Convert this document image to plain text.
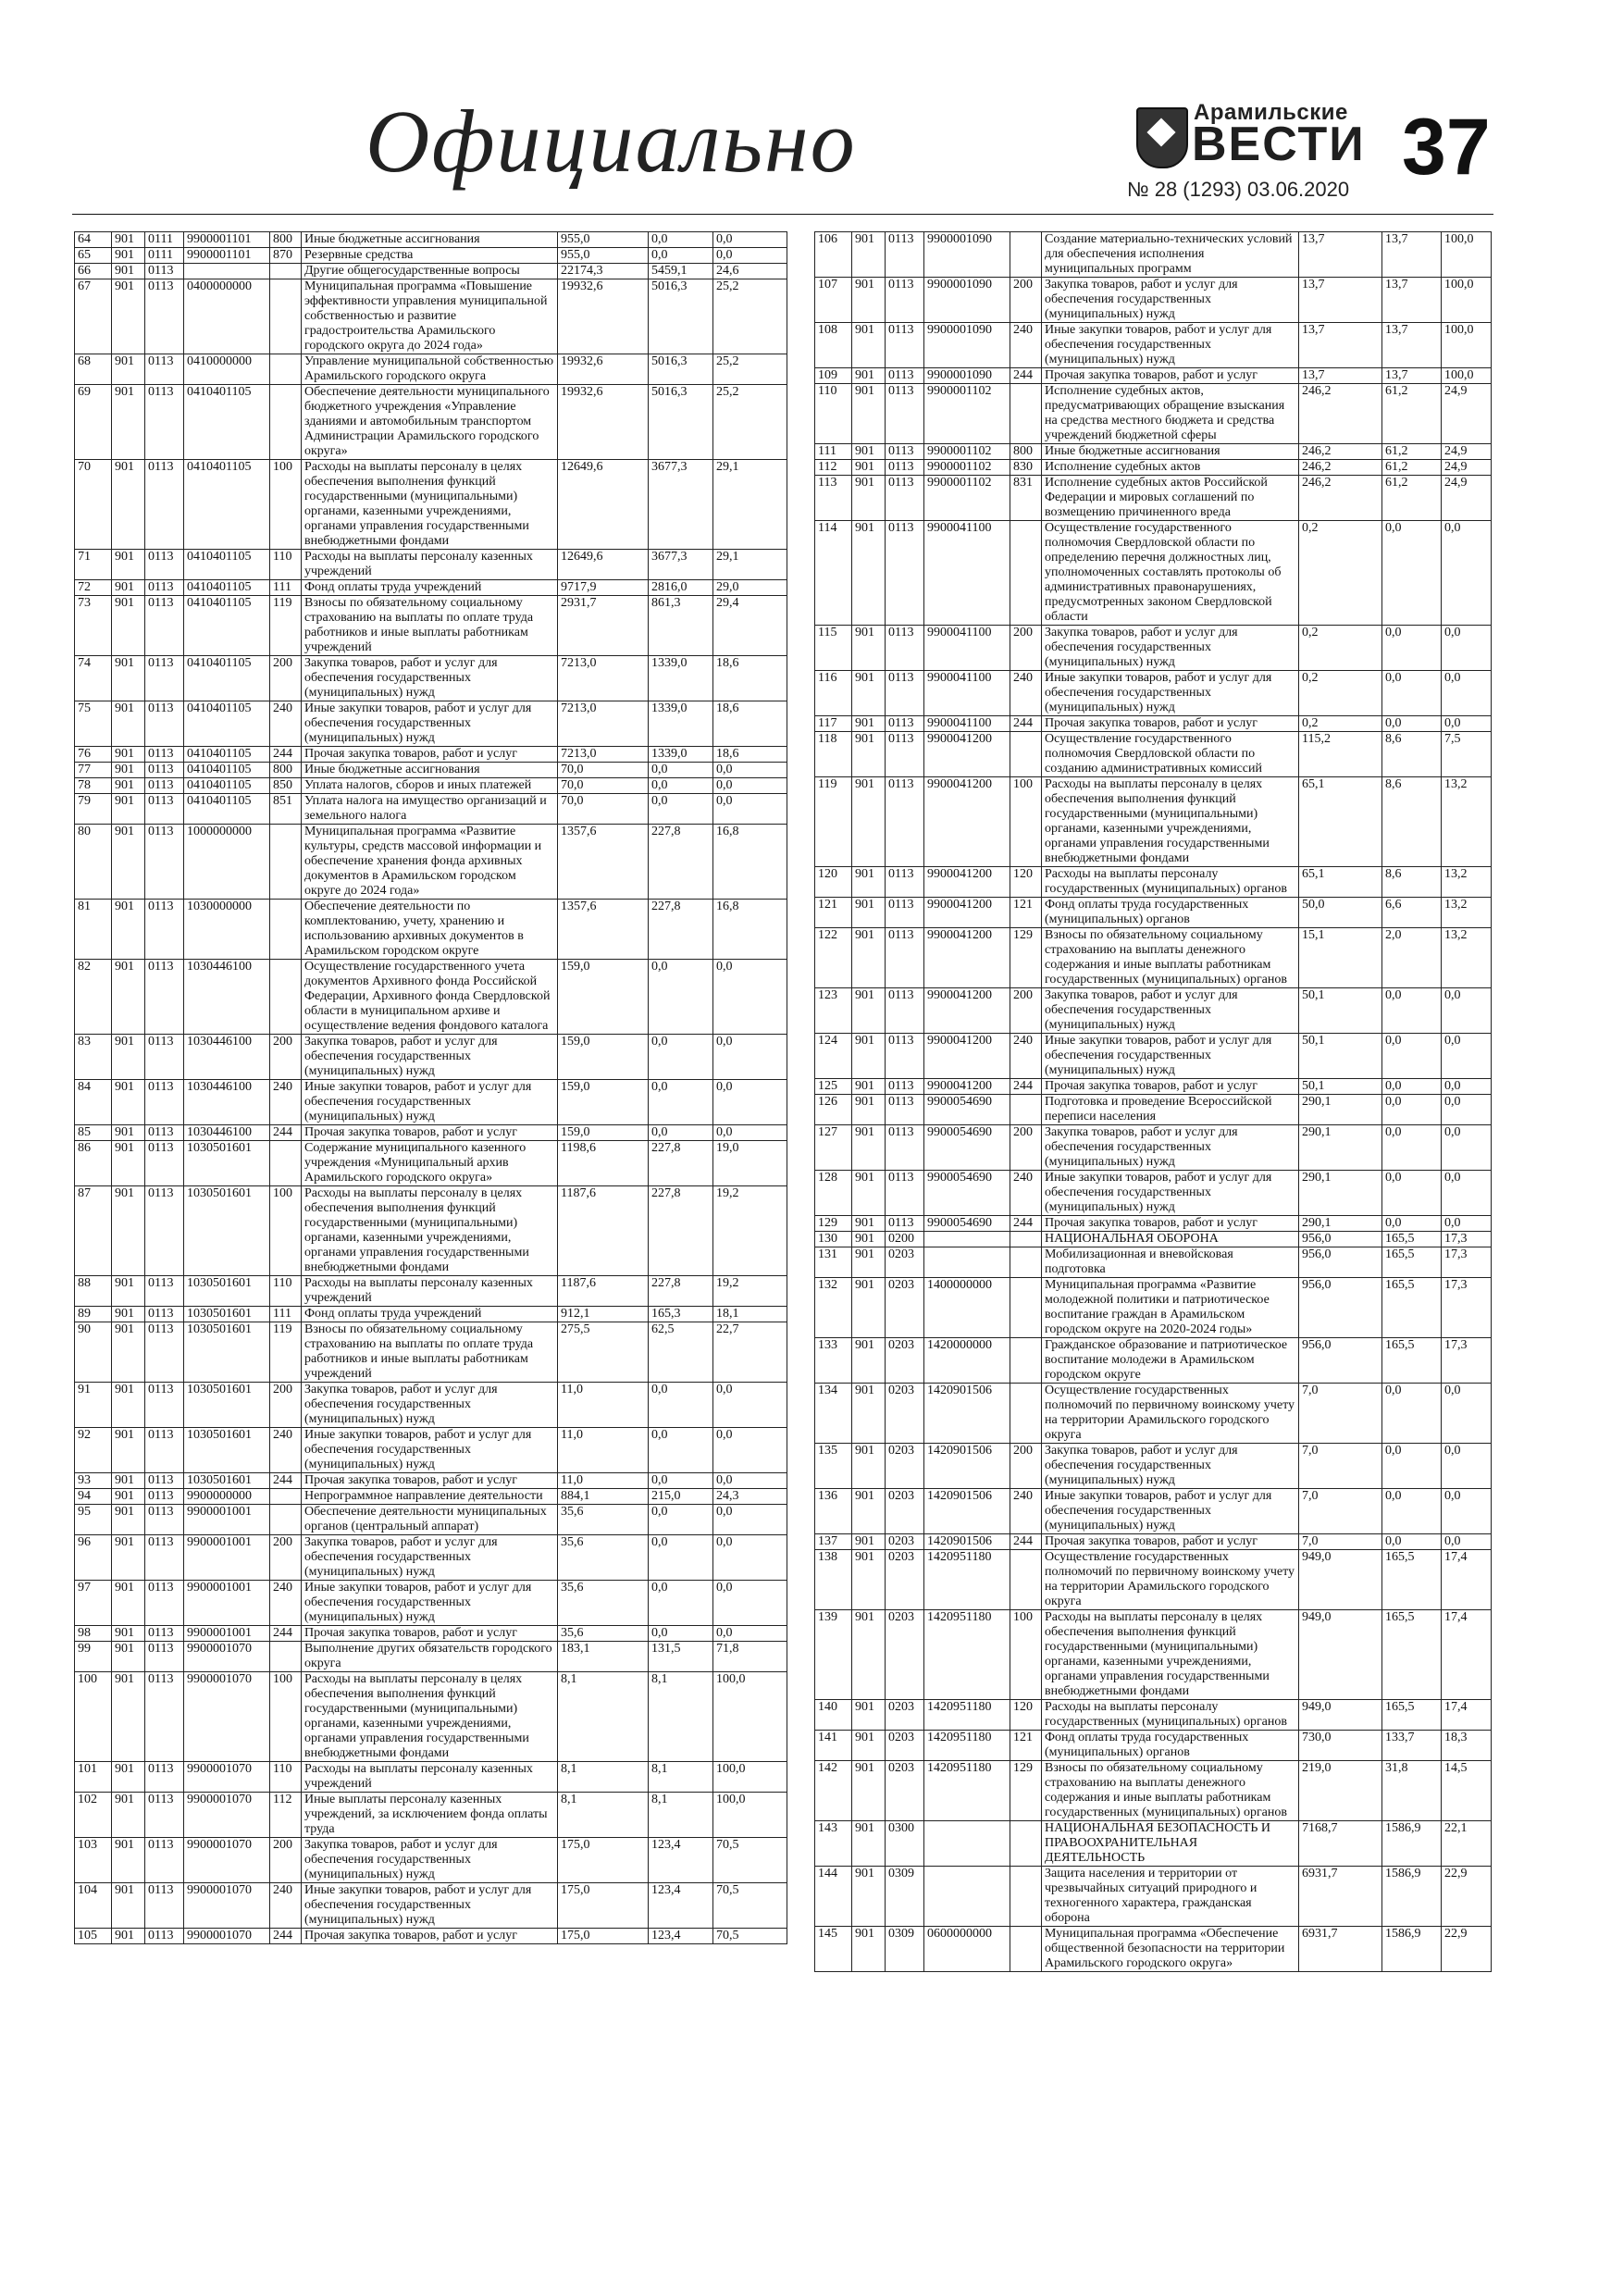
Официально	Арамильские
ВЕСТИ
№ 28 (1293) 03.06.2020 37
64	901	0111	9900001101	800	Иные бюджетные ассигнования	955,0	0,0	0,0
65	901	0111	9900001101	870	Резервные средства	955,0	0,0	0,0
66	901	0113			Другие общегосударственные вопросы	22174,3	5459,1	24,6
67	901	0113	0400000000		Муниципальная программа «Повышение эффективности управления муниципальной собственностью и развитие градостроительства Арамильского городского округа до 2024 года»	19932,6	5016,3	25,2
68	901	0113	0410000000		Управление муниципальной собственностью Арамильского городского округа	19932,6	5016,3	25,2
69	901	0113	0410401105		Обеспечение деятельности муниципального бюджетного учреждения «Управление зданиями и автомобильным транспортом Администрации Арамильского городского округа»	19932,6	5016,3	25,2
70	901	0113	0410401105	100	Расходы на выплаты персоналу в целях обеспечения выполнения функций государственными (муниципальными) органами, казенными учреждениями, органами управления государственными внебюджетными фондами	12649,6	3677,3	29,1
71	901	0113	0410401105	110	Расходы на выплаты персоналу казенных учреждений	12649,6	3677,3	29,1
72	901	0113	0410401105	111	Фонд оплаты труда учреждений	9717,9	2816,0	29,0
73	901	0113	0410401105	119	Взносы по обязательному социальному страхованию на выплаты по оплате труда работников и иные выплаты работникам учреждений	2931,7	861,3	29,4
74	901	0113	0410401105	200	Закупка товаров, работ и услуг для обеспечения государственных (муниципальных) нужд	7213,0	1339,0	18,6
75	901	0113	0410401105	240	Иные закупки товаров, работ и услуг для обеспечения государственных (муниципальных) нужд	7213,0	1339,0	18,6
76	901	0113	0410401105	244	Прочая закупка товаров, работ и услуг	7213,0	1339,0	18,6
77	901	0113	0410401105	800	Иные бюджетные ассигнования	70,0	0,0	0,0
78	901	0113	0410401105	850	Уплата налогов, сборов и иных платежей	70,0	0,0	0,0
79	901	0113	0410401105	851	Уплата налога на имущество организаций и земельного налога	70,0	0,0	0,0
80	901	0113	1000000000		Муниципальная программа «Развитие культуры, средств массовой информации и обеспечение хранения фонда архивных документов в Арамильском городском округе до 2024 года»	1357,6	227,8	16,8
81	901	0113	1030000000		Обеспечение деятельности по комплектованию, учету, хранению и использованию архивных документов в Арамильском городском округе	1357,6	227,8	16,8
82	901	0113	1030446100		Осуществление государственного учета документов Архивного фонда Российской Федерации, Архивного фонда Свердловской области в муниципальном архиве и осуществление ведения фондового каталога	159,0	0,0	0,0
83	901	0113	1030446100	200	Закупка товаров, работ и услуг для обеспечения государственных (муниципальных) нужд	159,0	0,0	0,0
84	901	0113	1030446100	240	Иные закупки товаров, работ и услуг для обеспечения государственных (муниципальных) нужд	159,0	0,0	0,0
85	901	0113	1030446100	244	Прочая закупка товаров, работ и услуг	159,0	0,0	0,0
86	901	0113	1030501601		Содержание муниципального казенного учреждения «Муниципальный архив Арамильского городского округа»	1198,6	227,8	19,0
87	901	0113	1030501601	100	Расходы на выплаты персоналу в целях обеспечения выполнения функций государственными (муниципальными) органами, казенными учреждениями, органами управления государственными внебюджетными фондами	1187,6	227,8	19,2
88	901	0113	1030501601	110	Расходы на выплаты персоналу казенных учреждений	1187,6	227,8	19,2
89	901	0113	1030501601	111	Фонд оплаты труда учреждений	912,1	165,3	18,1
90	901	0113	1030501601	119	Взносы по обязательному социальному страхованию на выплаты по оплате труда работников и иные выплаты работникам учреждений	275,5	62,5	22,7
91	901	0113	1030501601	200	Закупка товаров, работ и услуг для обеспечения государственных (муниципальных) нужд	11,0	0,0	0,0
92	901	0113	1030501601	240	Иные закупки товаров, работ и услуг для обеспечения государственных (муниципальных) нужд	11,0	0,0	0,0
93	901	0113	1030501601	244	Прочая закупка товаров, работ и услуг	11,0	0,0	0,0
94	901	0113	9900000000		Непрограммное направление деятельности	884,1	215,0	24,3
95	901	0113	9900001001		Обеспечение деятельности муниципальных органов (центральный аппарат)	35,6	0,0	0,0
96	901	0113	9900001001	200	Закупка товаров, работ и услуг для обеспечения государственных (муниципальных) нужд	35,6	0,0	0,0
97	901	0113	9900001001	240	Иные закупки товаров, работ и услуг для обеспечения государственных (муниципальных) нужд	35,6	0,0	0,0
98	901	0113	9900001001	244	Прочая закупка товаров, работ и услуг	35,6	0,0	0,0
99	901	0113	9900001070		Выполнение других обязательств городского округа	183,1	131,5	71,8
100	901	0113	9900001070	100	Расходы на выплаты персоналу в целях обеспечения выполнения функций государственными (муниципальными) органами, казенными учреждениями, органами управления государственными внебюджетными фондами	8,1	8,1	100,0
101	901	0113	9900001070	110	Расходы на выплаты персоналу казенных учреждений	8,1	8,1	100,0
102	901	0113	9900001070	112	Иные выплаты персоналу казенных учреждений, за исключением фонда оплаты труда	8,1	8,1	100,0
103	901	0113	9900001070	200	Закупка товаров, работ и услуг для обеспечения государственных (муниципальных) нужд	175,0	123,4	70,5
104	901	0113	9900001070	240	Иные закупки товаров, работ и услуг для обеспечения государственных (муниципальных) нужд	175,0	123,4	70,5
105	901	0113	9900001070	244	Прочая закупка товаров, работ и услуг	175,0	123,4	70,5
106	901	0113	9900001090		Создание материально-технических условий для обеспечения исполнения муниципальных программ	13,7	13,7	100,0
107	901	0113	9900001090	200	Закупка товаров, работ и услуг для обеспечения государственных (муниципальных) нужд	13,7	13,7	100,0
108	901	0113	9900001090	240	Иные закупки товаров, работ и услуг для обеспечения государственных (муниципальных) нужд	13,7	13,7	100,0
109	901	0113	9900001090	244	Прочая закупка товаров, работ и услуг	13,7	13,7	100,0
110	901	0113	9900001102		Исполнение судебных актов, предусматривающих обращение взыскания на средства местного бюджета и средства учреждений бюджетной сферы	246,2	61,2	24,9
111	901	0113	9900001102	800	Иные бюджетные ассигнования	246,2	61,2	24,9
112	901	0113	9900001102	830	Исполнение судебных актов	246,2	61,2	24,9
113	901	0113	9900001102	831	Исполнение судебных актов Российской Федерации и мировых соглашений по возмещению причиненного вреда	246,2	61,2	24,9
114	901	0113	9900041100		Осуществление государственного полномочия Свердловской области по определению перечня должностных лиц, уполномоченных составлять протоколы об административных правонарушениях, предусмотренных законом Свердловской области	0,2	0,0	0,0
115	901	0113	9900041100	200	Закупка товаров, работ и услуг для обеспечения государственных (муниципальных) нужд	0,2	0,0	0,0
116	901	0113	9900041100	240	Иные закупки товаров, работ и услуг для обеспечения государственных (муниципальных) нужд	0,2	0,0	0,0
117	901	0113	9900041100	244	Прочая закупка товаров, работ и услуг	0,2	0,0	0,0
118	901	0113	9900041200		Осуществление государственного полномочия Свердловской области по созданию административных комиссий	115,2	8,6	7,5
119	901	0113	9900041200	100	Расходы на выплаты персоналу в целях обеспечения выполнения функций государственными (муниципальными) органами, казенными учреждениями, органами управления государственными внебюджетными фондами	65,1	8,6	13,2
120	901	0113	9900041200	120	Расходы на выплаты персоналу государственных (муниципальных) органов	65,1	8,6	13,2
121	901	0113	9900041200	121	Фонд оплаты труда государственных (муниципальных) органов	50,0	6,6	13,2
122	901	0113	9900041200	129	Взносы по обязательному социальному страхованию на выплаты денежного содержания и иные выплаты работникам государственных (муниципальных) органов	15,1	2,0	13,2
123	901	0113	9900041200	200	Закупка товаров, работ и услуг для обеспечения государственных (муниципальных) нужд	50,1	0,0	0,0
124	901	0113	9900041200	240	Иные закупки товаров, работ и услуг для обеспечения государственных (муниципальных) нужд	50,1	0,0	0,0
125	901	0113	9900041200	244	Прочая закупка товаров, работ и услуг	50,1	0,0	0,0
126	901	0113	9900054690		Подготовка и проведение Всероссийской переписи населения	290,1	0,0	0,0
127	901	0113	9900054690	200	Закупка товаров, работ и услуг для обеспечения государственных (муниципальных) нужд	290,1	0,0	0,0
128	901	0113	9900054690	240	Иные закупки товаров, работ и услуг для обеспечения государственных (муниципальных) нужд	290,1	0,0	0,0
129	901	0113	9900054690	244	Прочая закупка товаров, работ и услуг	290,1	0,0	0,0
130	901	0200			НАЦИОНАЛЬНАЯ ОБОРОНА	956,0	165,5	17,3
131	901	0203			Мобилизационная и вневойсковая подготовка	956,0	165,5	17,3
132	901	0203	1400000000		Муниципальная программа «Развитие молодежной политики и патриотическое воспитание граждан в Арамильском городском округе на 2020-2024 годы»	956,0	165,5	17,3
133	901	0203	1420000000		Гражданское образование и патриотическое воспитание молодежи в Арамильском городском округе	956,0	165,5	17,3
134	901	0203	1420901506		Осуществление государственных полномочий по первичному воинскому учету на территории Арамильского городского округа	7,0	0,0	0,0
135	901	0203	1420901506	200	Закупка товаров, работ и услуг для обеспечения государственных (муниципальных) нужд	7,0	0,0	0,0
136	901	0203	1420901506	240	Иные закупки товаров, работ и услуг для обеспечения государственных (муниципальных) нужд	7,0	0,0	0,0
137	901	0203	1420901506	244	Прочая закупка товаров, работ и услуг	7,0	0,0	0,0
138	901	0203	1420951180		Осуществление государственных полномочий по первичному воинскому учету на территории Арамильского городского округа	949,0	165,5	17,4
139	901	0203	1420951180	100	Расходы на выплаты персоналу в целях обеспечения выполнения функций государственными (муниципальными) органами, казенными учреждениями, органами управления государственными внебюджетными фондами	949,0	165,5	17,4
140	901	0203	1420951180	120	Расходы на выплаты персоналу государственных (муниципальных) органов	949,0	165,5	17,4
141	901	0203	1420951180	121	Фонд оплаты труда государственных (муниципальных) органов	730,0	133,7	18,3
142	901	0203	1420951180	129	Взносы по обязательному социальному страхованию на выплаты денежного содержания и иные выплаты работникам государственных (муниципальных) органов	219,0	31,8	14,5
143	901	0300			НАЦИОНАЛЬНАЯ БЕЗОПАСНОСТЬ И ПРАВООХРАНИТЕЛЬНАЯ ДЕЯТЕЛЬНОСТЬ	7168,7	1586,9	22,1
144	901	0309			Защита населения и территории от чрезвычайных ситуаций природного и техногенного характера, гражданская оборона	6931,7	1586,9	22,9
145	901	0309	0600000000		Муниципальная программа «Обеспечение общественной безопасности на территории Арамильского городского округа»	6931,7	1586,9	22,9
